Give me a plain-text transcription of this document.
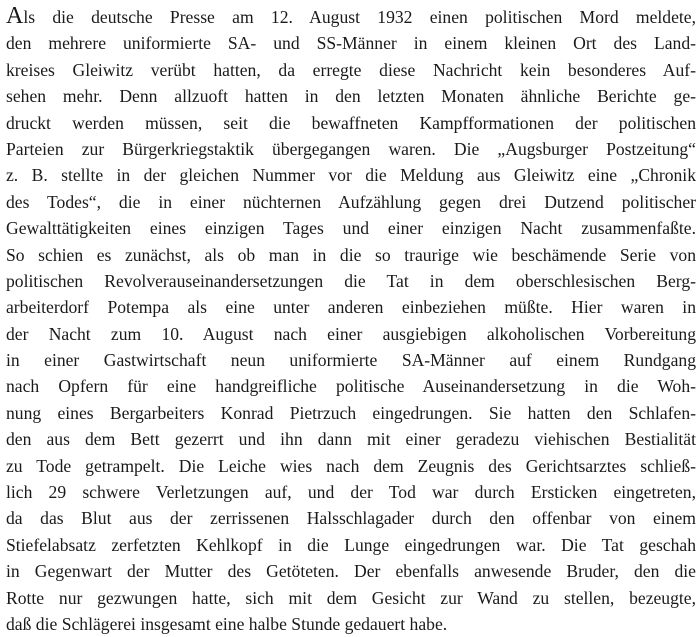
Als die deutsche Presse am 12. August 1932 einen politischen Mord meldete,
den mehrere uniformierte SA- und SS-Männer in einem kleinen Ort des Land-
kreises Gleiwitz verübt hatten, da erregte diese Nachricht kein besonderes Auf-
sehen mehr. Denn allzuoft hatten in den letzten Monaten ähnliche Berichte ge-
druckt werden müssen, seit die bewaffneten Kampfformationen der politischen
Parteien zur Bürgerkriegstaktik übergegangen waren. Die „Augsburger Postzeitung“
z. B. stellte in der gleichen Nummer vor die Meldung aus Gleiwitz eine „Chronik
des Todes“, die in einer nüchternen Aufzählung gegen drei Dutzend politischer
Gewalttätigkeiten eines einzigen Tages und einer einzigen Nacht zusammenfaßte.
So schien es zunächst, als ob man in die so traurige wie beschämende Serie von
politischen Revolverauseinandersetzungen die Tat in dem oberschlesischen Berg-
arbeiterdorf Potempa als eine unter anderen einbeziehen müßte. Hier waren in
der Nacht zum 10. August nach einer ausgiebigen alkoholischen Vorbereitung
in einer Gastwirtschaft neun uniformierte SA-Männer auf einem Rundgang
nach Opfern für eine handgreifliche politische Auseinandersetzung in die Woh-
nung eines Bergarbeiters Konrad Pietrzuch eingedrungen. Sie hatten den Schlafen-
den aus dem Bett gezerrt und ihn dann mit einer geradezu viehischen Bestialität
zu Tode getrampelt. Die Leiche wies nach dem Zeugnis des Gerichtsarztes schließ-
lich 29 schwere Verletzungen auf, und der Tod war durch Ersticken eingetreten,
da das Blut aus der zerrissenen Halsschlagader durch den offenbar von einem
Stiefelabsatz zerfetzten Kehlkopf in die Lunge eingedrungen war. Die Tat geschah
in Gegenwart der Mutter des Getöteten. Der ebenfalls anwesende Bruder, den die
Rotte nur gezwungen hatte, sich mit dem Gesicht zur Wand zu stellen, bezeugte,
daß die Schlägerei insgesamt eine halbe Stunde gedauert habe.
